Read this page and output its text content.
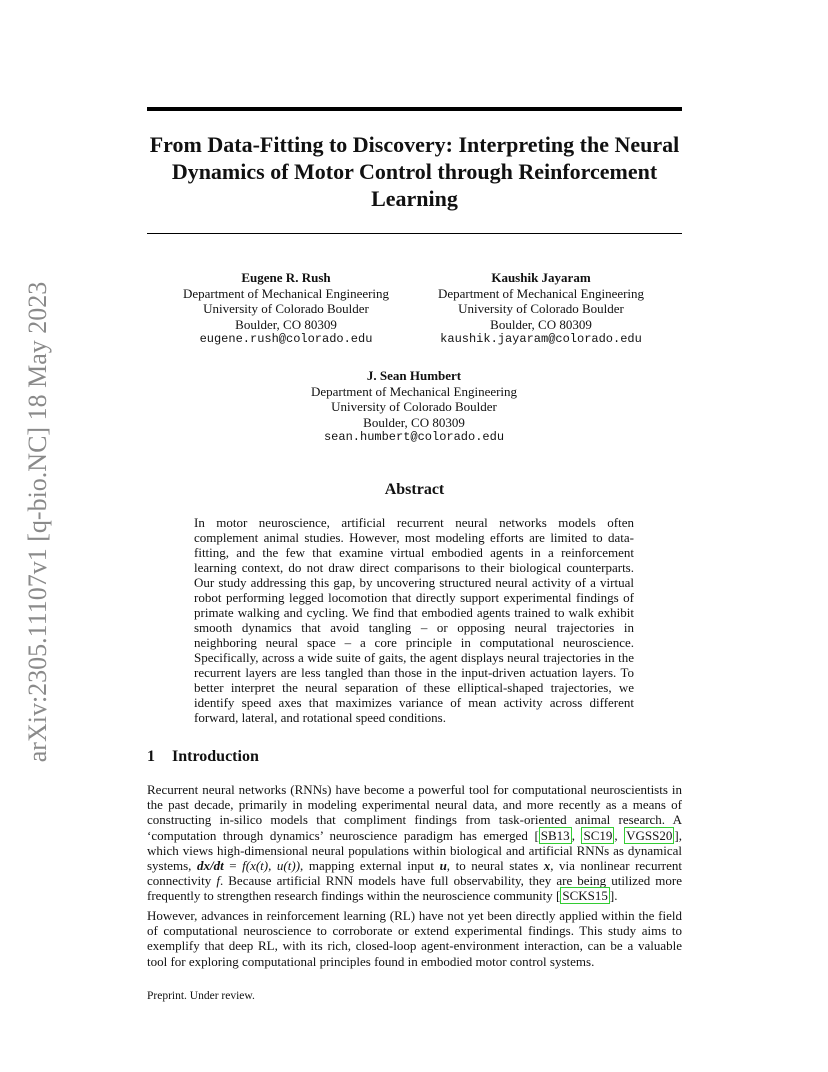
arXiv:2305.11107v1 [q-bio.NC] 18 May 2023
From Data-Fitting to Discovery: Interpreting the Neural Dynamics of Motor Control through Reinforcement Learning
Eugene R. Rush
Department of Mechanical Engineering
University of Colorado Boulder
Boulder, CO 80309
eugene.rush@colorado.edu
Kaushik Jayaram
Department of Mechanical Engineering
University of Colorado Boulder
Boulder, CO 80309
kaushik.jayaram@colorado.edu
J. Sean Humbert
Department of Mechanical Engineering
University of Colorado Boulder
Boulder, CO 80309
sean.humbert@colorado.edu
Abstract

In motor neuroscience, artificial recurrent neural networks models often complement animal studies. However, most modeling efforts are limited to data-fitting, and the few that examine virtual embodied agents in a reinforcement learning context, do not draw direct comparisons to their biological counterparts. Our study addressing this gap, by uncovering structured neural activity of a virtual robot performing legged locomotion that directly support experimental findings of primate walking and cycling. We find that embodied agents trained to walk exhibit smooth dynamics that avoid tangling – or opposing neural trajectories in neighboring neural space – a core principle in computational neuroscience. Specifically, across a wide suite of gaits, the agent displays neural trajectories in the recurrent layers are less tangled than those in the input-driven actuation layers. To better interpret the neural separation of these elliptical-shaped trajectories, we identify speed axes that maximizes variance of mean activity across different forward, lateral, and rotational speed conditions.

1 Introduction

Recurrent neural networks (RNNs) have become a powerful tool for computational neuroscientists in the past decade, primarily in modeling experimental neural data, and more recently as a means of constructing in-silico models that compliment findings from task-oriented animal research. A ‘computation through dynamics’ neuroscience paradigm has emerged [ SB13 , SC19 , VGSS20 ], which views high-dimensional neural populations within biological and artificial RNNs as dynamical systems, dx/dt = f(x(t), u(t)), mapping external input u, to neural states x, via nonlinear recurrent connectivity f. Because artificial RNN models have full observability, they are being utilized more frequently to strengthen research findings within the neuroscience community [ SCKS15 ].

However, advances in reinforcement learning (RL) have not yet been directly applied within the field of computational neuroscience to corroborate or extend experimental findings. This study aims to exemplify that deep RL, with its rich, closed-loop agent-environment interaction, can be a valuable tool for exploring computational principles found in embodied motor control systems.

Preprint. Under review.
